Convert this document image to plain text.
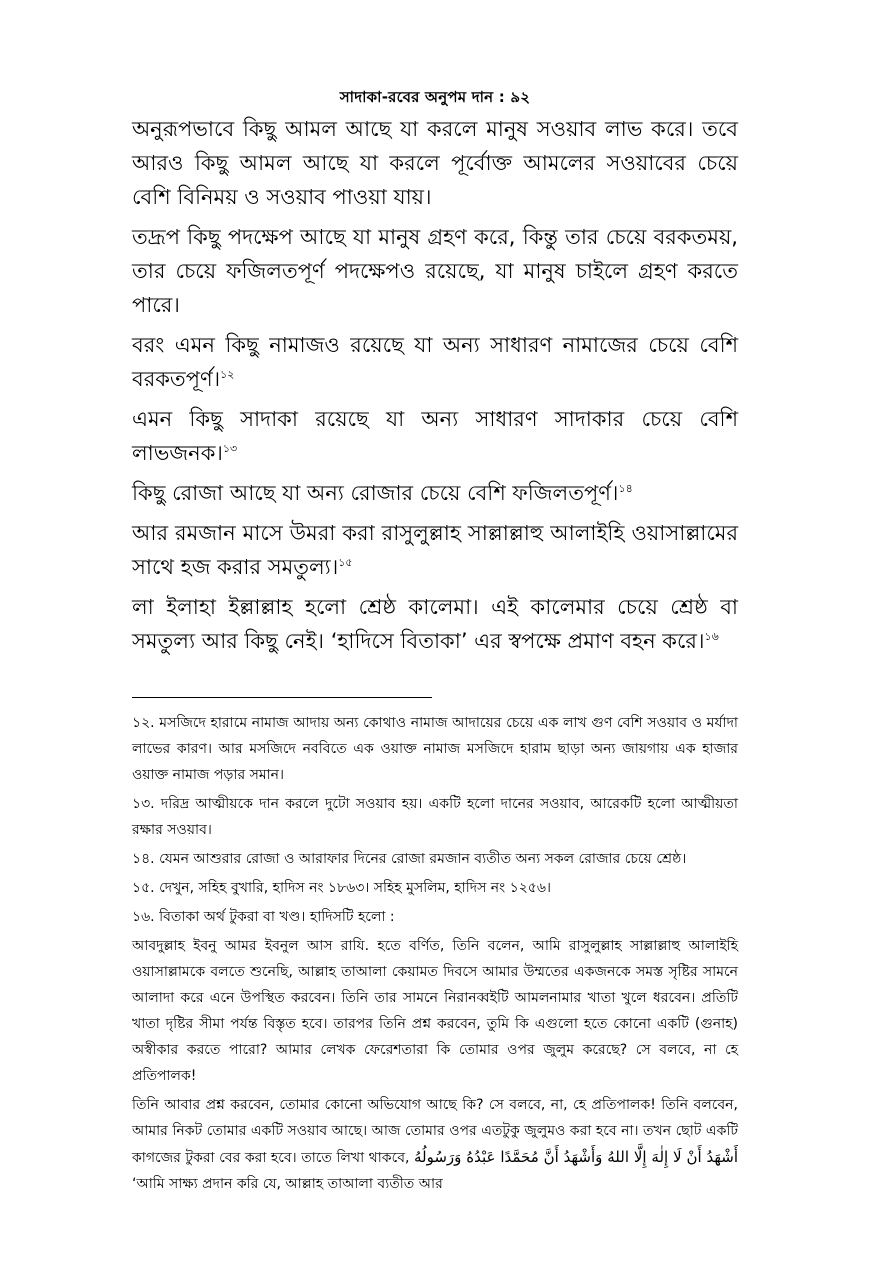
সাদাকা-রবের অনুপম দান : ৯২

অনুরূপভাবে কিছু আমল আছে যা করলে মানুষ সওয়াব লাভ করে। তবে আরও কিছু আমল আছে যা করলে পূর্বোক্ত আমলের সওয়াবের চেয়ে বেশি বিনিময় ও সওয়াব পাওয়া যায়।

তদ্রূপ কিছু পদক্ষেপ আছে যা মানুষ গ্রহণ করে, কিন্তু তার চেয়ে বরকতময়, তার চেয়ে ফজিলতপূর্ণ পদক্ষেপও রয়েছে, যা মানুষ চাইলে গ্রহণ করতে পারে।

বরং এমন কিছু নামাজও রয়েছে যা অন্য সাধারণ নামাজের চেয়ে বেশি বরকতপূর্ণ।$^{১২}$

এমন কিছু সাদাকা রয়েছে যা অন্য সাধারণ সাদাকার চেয়ে বেশি লাভজনক।$^{১৩}$

কিছু রোজা আছে যা অন্য রোজার চেয়ে বেশি ফজিলতপূর্ণ।$^{১৪}$

আর রমজান মাসে উমরা করা রাসুলুল্লাহ সাল্লাল্লাহু আলাইহি ওয়াসাল্লামের সাথে হজ করার সমতুল্য।$^{১৫}$

লা ইলাহা ইল্লাল্লাহ হলো শ্রেষ্ঠ কালেমা। এই কালেমার চেয়ে শ্রেষ্ঠ বা সমতুল্য আর কিছু নেই। ‘হাদিসে বিতাকা’ এর স্বপক্ষে প্রমাণ বহন করে।$^{১৬}$

১২. মসজিদে হারামে নামাজ আদায় অন্য কোথাও নামাজ আদায়ের চেয়ে এক লাখ গুণ বেশি সওয়াব ও মর্যাদা লাভের কারণ। আর মসজিদে নববিতে এক ওয়াক্ত নামাজ মসজিদে হারাম ছাড়া অন্য জায়গায় এক হাজার ওয়াক্ত নামাজ পড়ার সমান।

১৩. দরিদ্র আত্মীয়কে দান করলে দুটো সওয়াব হয়। একটি হলো দানের সওয়াব, আরেকটি হলো আত্মীয়তা রক্ষার সওয়াব।

১৪. যেমন আশুরার রোজা ও আরাফার দিনের রোজা রমজান ব্যতীত অন্য সকল রোজার চেয়ে শ্রেষ্ঠ।

১৫. দেখুন, সহিহ বুখারি, হাদিস নং ১৮৬৩। সহিহ মুসলিম, হাদিস নং ১২৫৬।

১৬. বিতাকা অর্থ টুকরা বা খণ্ড। হাদিসটি হলো :

আবদুল্লাহ ইবনু আমর ইবনুল আস রাযি. হতে বর্ণিত, তিনি বলেন, আমি রাসুলুল্লাহ সাল্লাল্লাহু আলাইহি ওয়াসাল্লামকে বলতে শুনেছি, আল্লাহ তাআলা কেয়ামত দিবসে আমার উম্মতের একজনকে সমস্ত সৃষ্টির সামনে আলাদা করে এনে উপস্থিত করবেন। তিনি তার সামনে নিরানব্বইটি আমলনামার খাতা খুলে ধরবেন। প্রতিটি খাতা দৃষ্টির সীমা পর্যন্ত বিস্তৃত হবে। তারপর তিনি প্রশ্ন করবেন, তুমি কি এগুলো হতে কোনো একটি (গুনাহ) অস্বীকার করতে পারো? আমার লেখক ফেরেশতারা কি তোমার ওপর জুলুম করেছে? সে বলবে, না হে প্রতিপালক!

তিনি আবার প্রশ্ন করবেন, তোমার কোনো অভিযোগ আছে কি? সে বলবে, না, হে প্রতিপালক! তিনি বলবেন, আমার নিকট তোমার একটি সওয়াব আছে। আজ তোমার ওপর এতটুকু জুলুমও করা হবে না। তখন ছোট একটি কাগজের টুকরা বের করা হবে। তাতে লিখা থাকবে, أَشْهَدُ أَنْ لَا إِلٰهَ إِلَّا اللهُ وَأَشْهَدُ أَنَّ مُحَمَّدًا عَبْدُهُ وَرَسُولُهُ ‘আমি সাক্ষ্য প্রদান করি যে, আল্লাহ তাআলা ব্যতীত আর
